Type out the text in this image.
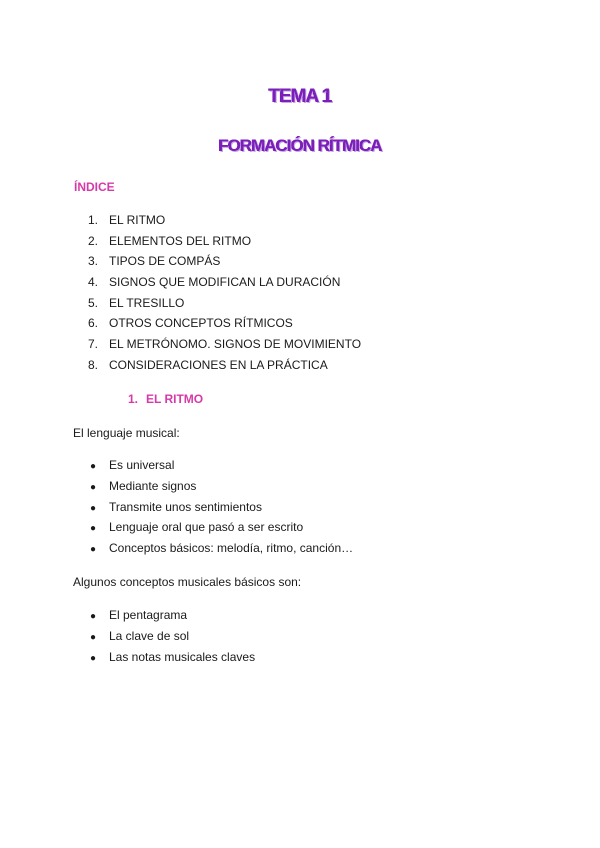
TEMA 1
FORMACIÓN RÍTMICA
ÍNDICE
1. EL RITMO
2. ELEMENTOS DEL RITMO
3. TIPOS DE COMPÁS
4. SIGNOS QUE MODIFICAN LA DURACIÓN
5. EL TRESILLO
6. OTROS CONCEPTOS RÍTMICOS
7. EL METRÓNOMO. SIGNOS DE MOVIMIENTO
8. CONSIDERACIONES EN LA PRÁCTICA
1. EL RITMO
El lenguaje musical:
● Es universal
● Mediante signos
● Transmite unos sentimientos
● Lenguaje oral que pasó a ser escrito
● Conceptos básicos: melodía, ritmo, canción…
Algunos conceptos musicales básicos son:
● El pentagrama
● La clave de sol
● Las notas musicales claves
